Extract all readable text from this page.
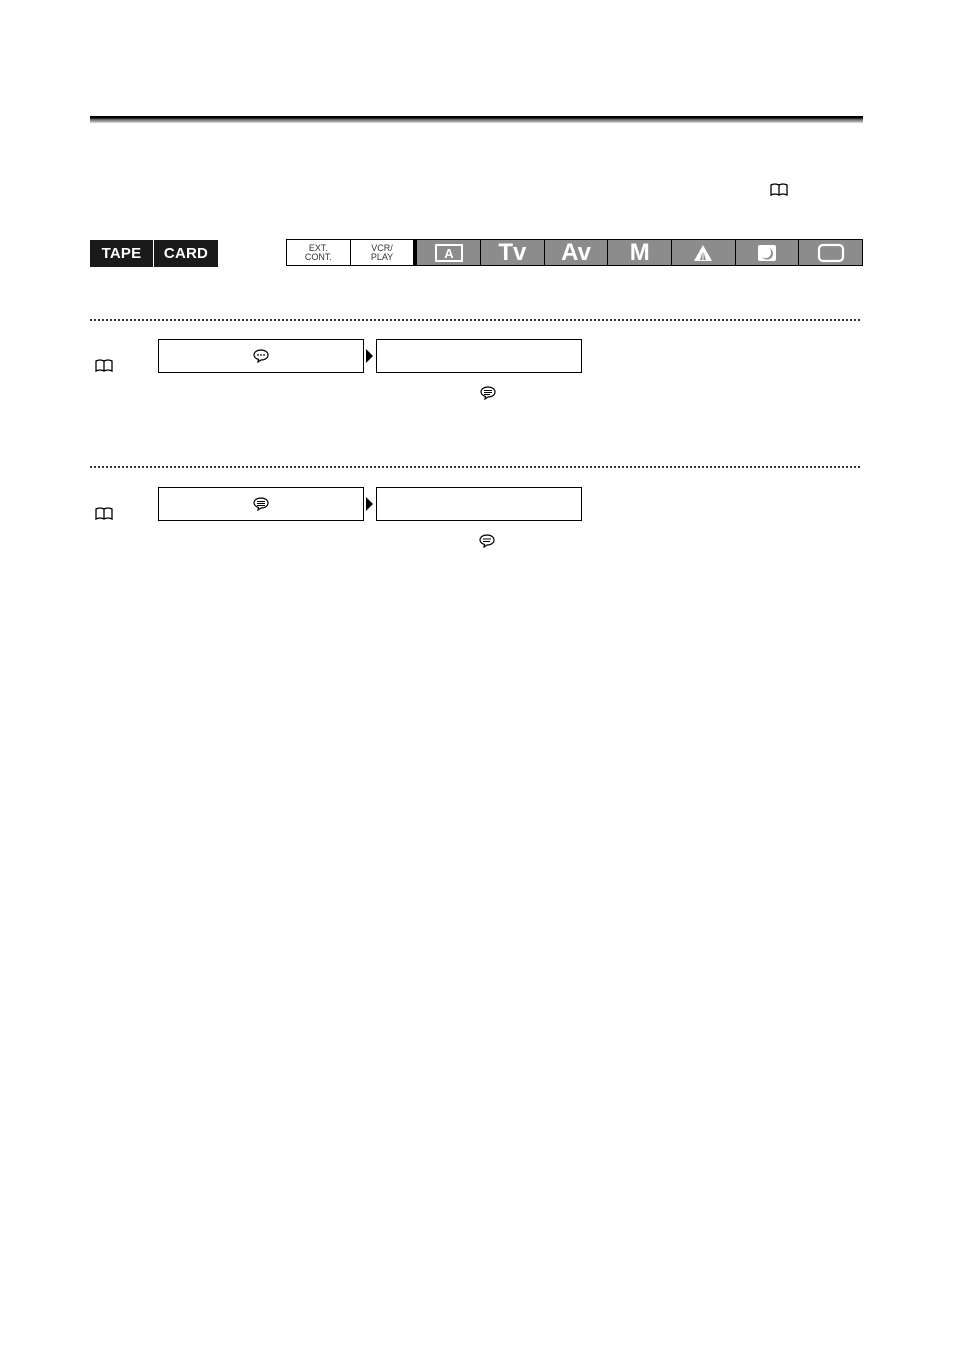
TAPE	CARD	EXT.
CONT.
VCR/
PLAY	A Tv Av M
